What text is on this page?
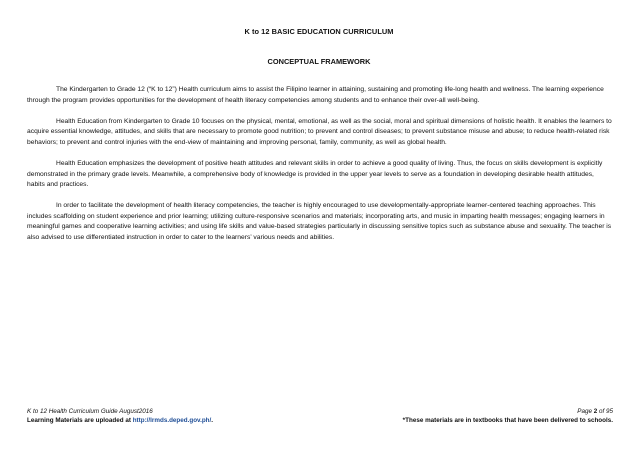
K to 12 BASIC EDUCATION CURRICULUM
CONCEPTUAL FRAMEWORK

The Kindergarten to Grade 12 (“K to 12”) Health curriculum aims to assist the Filipino learner in attaining, sustaining and promoting life-long health and wellness. The learning experience through the program provides opportunities for the development of health literacy competencies among students and to enhance their over-all well-being.

Health Education from Kindergarten to Grade 10 focuses on the physical, mental, emotional, as well as the social, moral and spiritual dimensions of holistic health. It enables the learners to acquire essential knowledge, attitudes, and skills that are necessary to promote good nutrition; to prevent and control diseases; to prevent substance misuse and abuse; to reduce health-related risk behaviors; to prevent and control injuries with the end-view of maintaining and improving personal, family, community, as well as global health.

Health Education emphasizes the development of positive heath attitudes and relevant skills in order to achieve a good quality of living. Thus, the focus on skills development is explicitly demonstrated in the primary grade levels. Meanwhile, a comprehensive body of knowledge is provided in the upper year levels to serve as a foundation in developing desirable health attitudes, habits and practices.

In order to facilitate the development of health literacy competencies, the teacher is highly encouraged to use developmentally-appropriate learner-centered teaching approaches. This includes scaffolding on student experience and prior learning; utilizing culture-responsive scenarios and materials; incorporating arts, and music in imparting health messages; engaging learners in meaningful games and cooperative learning activities; and using life skills and value-based strategies particularly in discussing sensitive topics such as substance abuse and sexuality. The teacher is also advised to use differentiated instruction in order to cater to the learners’ various needs and abilities.

K to 12 Health Curriculum Guide August2016	Page 2 of 95
Learning Materials are uploaded at http://lrmds.deped.gov.ph/.	*These materials are in textbooks that have been delivered to schools.
